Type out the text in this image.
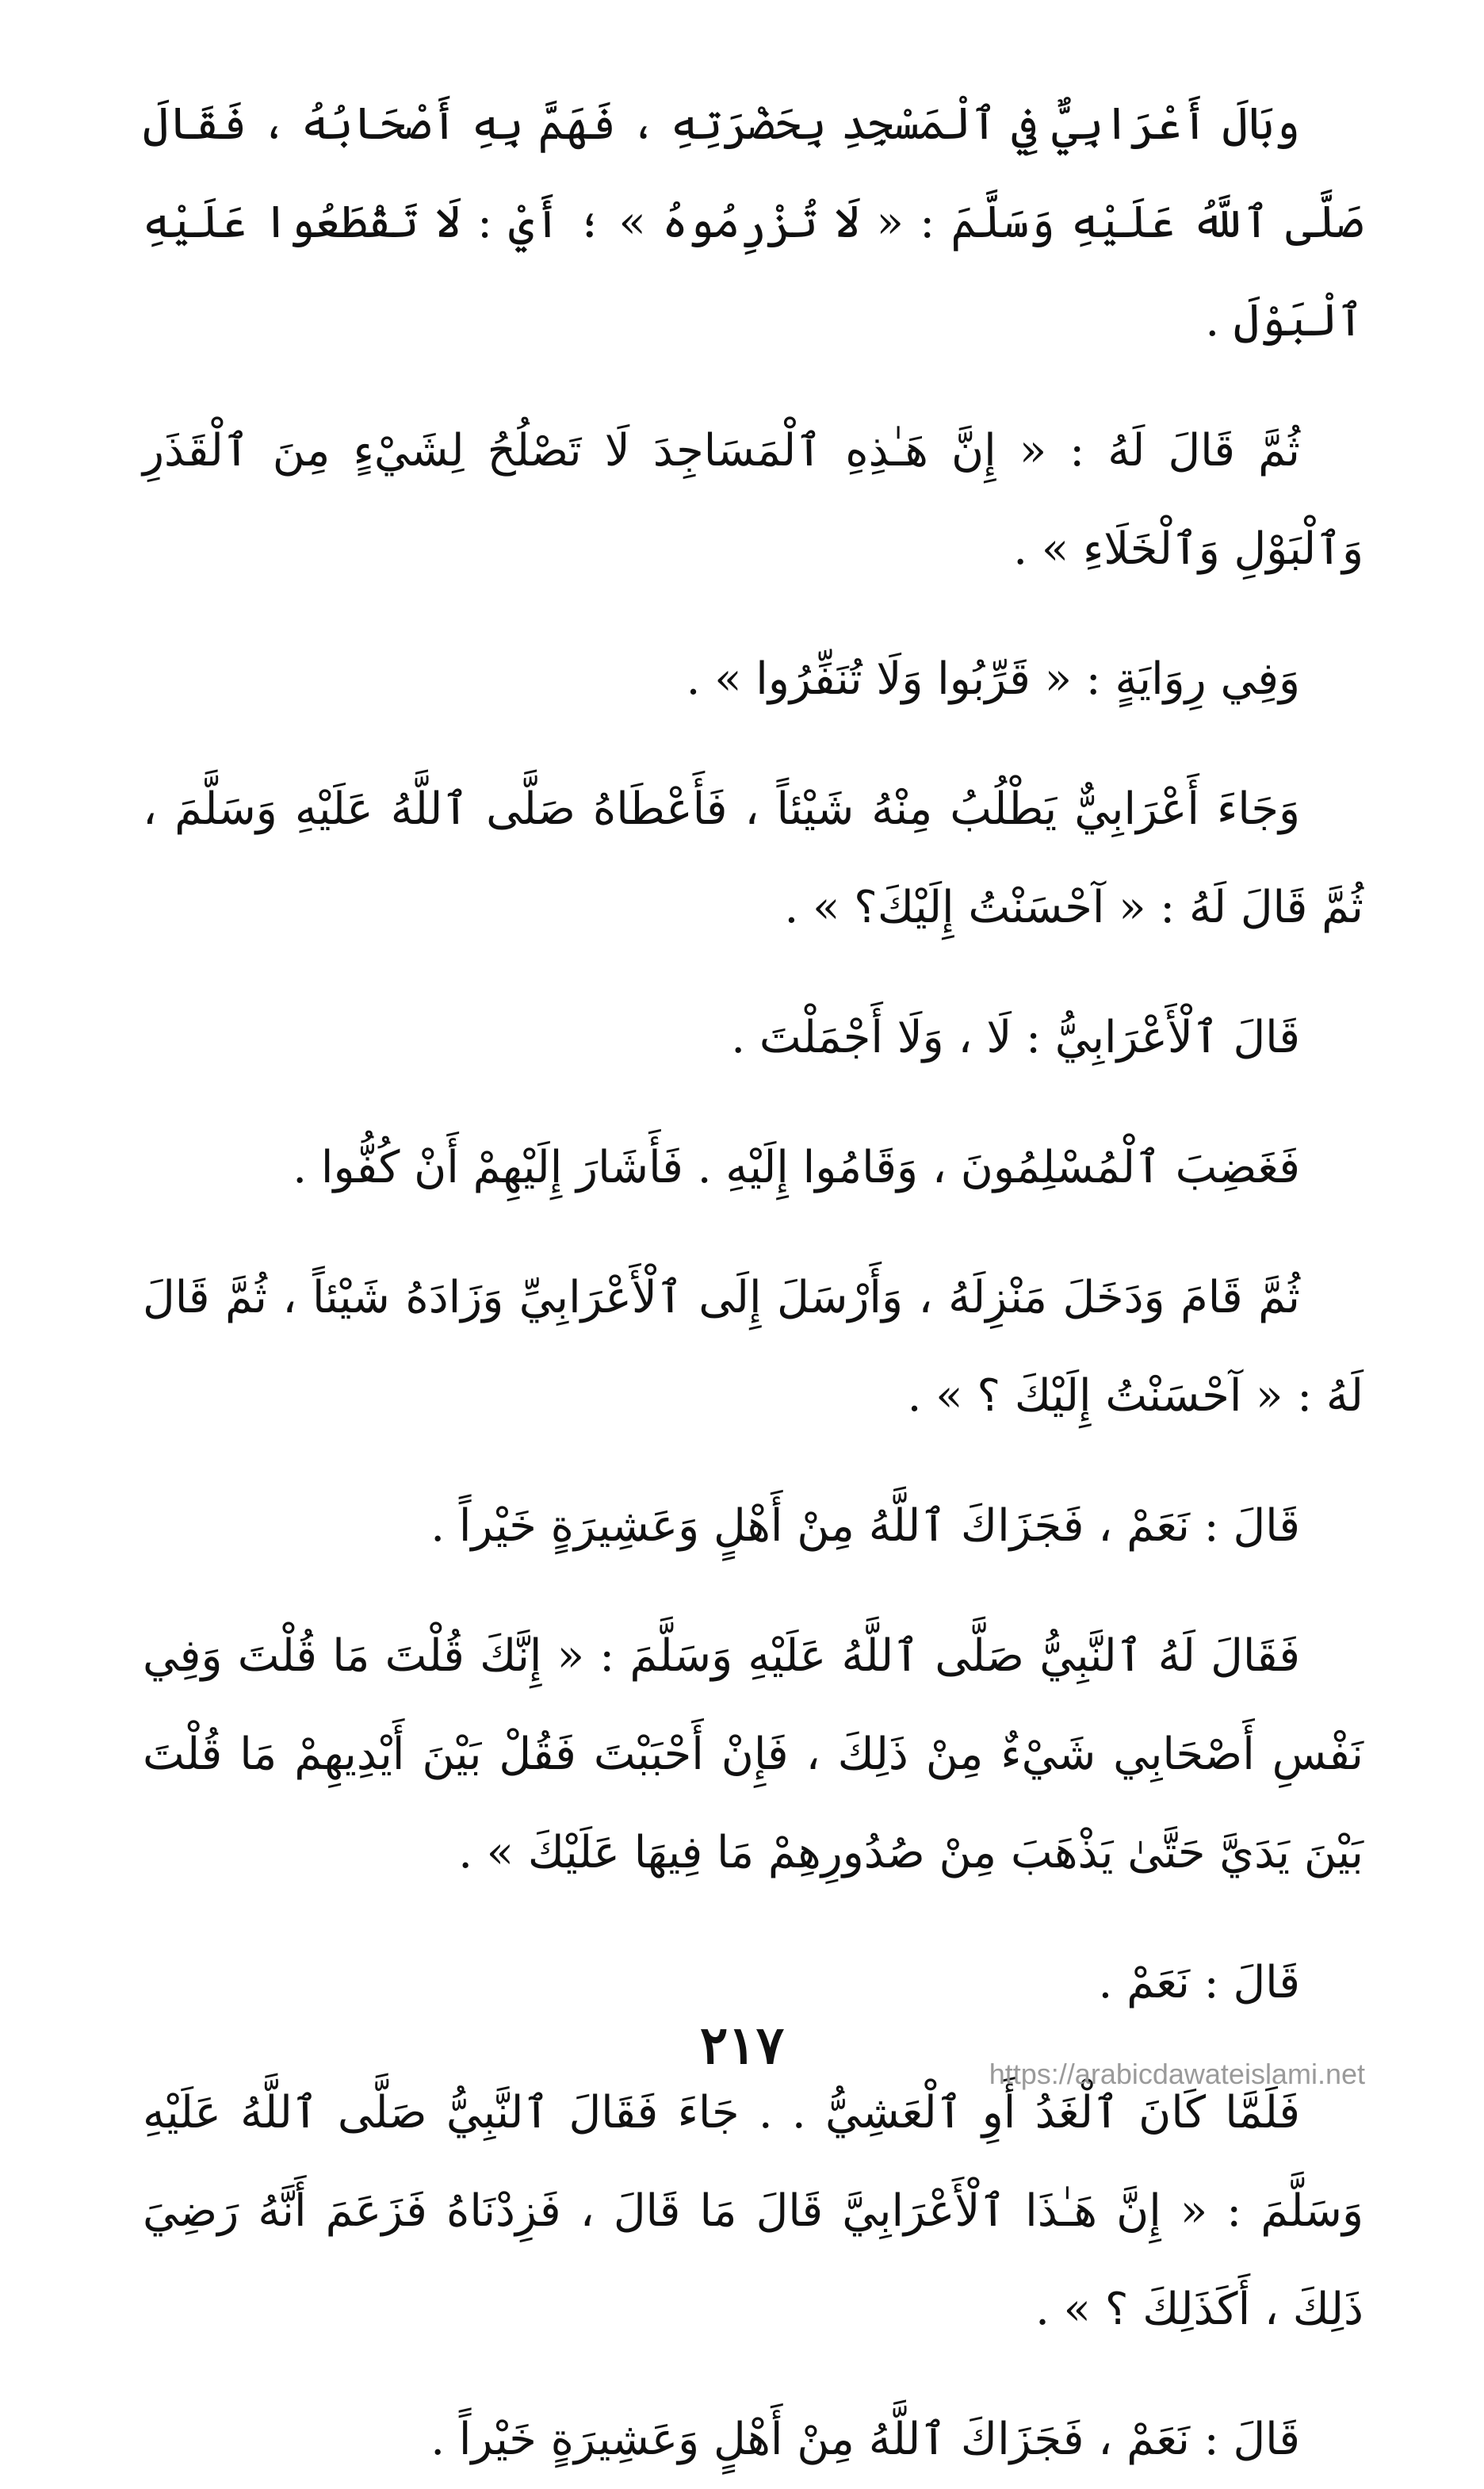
وبَالَ أَعْرَابِيٌّ فِي ٱلْمَسْجِدِ بِحَضْرَتِهِ ، فَهَمَّ بِهِ أَصْحَابُهُ ، فَقَالَ صَلَّى ٱللَّهُ عَلَيْهِ وَسَلَّمَ : « لَا تُزْرِمُوهُ » ؛ أَيْ : لَا تَقْطَعُوا عَلَيْهِ ٱلْبَوْلَ .

ثُمَّ قَالَ لَهُ : « إِنَّ هَـٰذِهِ ٱلْمَسَاجِدَ لَا تَصْلُحُ لِشَيْءٍ مِنَ ٱلْقَذَرِ وَٱلْبَوْلِ وَٱلْخَلَاءِ » .

وَفِي رِوَايَةٍ : « قَرِّبُوا وَلَا تُنَفِّرُوا » .

وَجَاءَ أَعْرَابِيٌّ يَطْلُبُ مِنْهُ شَيْئاً ، فَأَعْطَاهُ صَلَّى ٱللَّهُ عَلَيْهِ وَسَلَّمَ ، ثُمَّ قَالَ لَهُ : « آحْسَنْتُ إِلَيْكَ؟ » .

قَالَ ٱلْأَعْرَابِيُّ : لَا ، وَلَا أَجْمَلْتَ .

فَغَضِبَ ٱلْمُسْلِمُونَ ، وَقَامُوا إِلَيْهِ . فَأَشَارَ إِلَيْهِمْ أَنْ كُفُّوا .

ثُمَّ قَامَ وَدَخَلَ مَنْزِلَهُ ، وَأَرْسَلَ إِلَى ٱلْأَعْرَابِيِّ وَزَادَهُ شَيْئاً ، ثُمَّ قَالَ لَهُ : « آحْسَنْتُ إِلَيْكَ ؟ » .

قَالَ : نَعَمْ ، فَجَزَاكَ ٱللَّهُ مِنْ أَهْلٍ وَعَشِيرَةٍ خَيْراً .

فَقَالَ لَهُ ٱلنَّبِيُّ صَلَّى ٱللَّهُ عَلَيْهِ وَسَلَّمَ : « إِنَّكَ قُلْتَ مَا قُلْتَ وَفِي نَفْسِ أَصْحَابِي شَيْءٌ مِنْ ذَلِكَ ، فَإِنْ أَحْبَبْتَ فَقُلْ بَيْنَ أَيْدِيهِمْ مَا قُلْتَ بَيْنَ يَدَيَّ حَتَّىٰ يَذْهَبَ مِنْ صُدُورِهِمْ مَا فِيهَا عَلَيْكَ » .

قَالَ : نَعَمْ .

فَلَمَّا كَانَ ٱلْغَدُ أَوِ ٱلْعَشِيُّ . . جَاءَ فَقَالَ ٱلنَّبِيُّ صَلَّى ٱللَّهُ عَلَيْهِ وَسَلَّمَ : « إِنَّ هَـٰذَا ٱلْأَعْرَابِيَّ قَالَ مَا قَالَ ، فَزِدْنَاهُ فَزَعَمَ أَنَّهُ رَضِيَ ذَلِكَ ، أَكَذَلِكَ ؟ » .

قَالَ : نَعَمْ ، فَجَزَاكَ ٱللَّهُ مِنْ أَهْلٍ وَعَشِيرَةٍ خَيْراً .

٢١٧	https://arabicdawateislami.net
